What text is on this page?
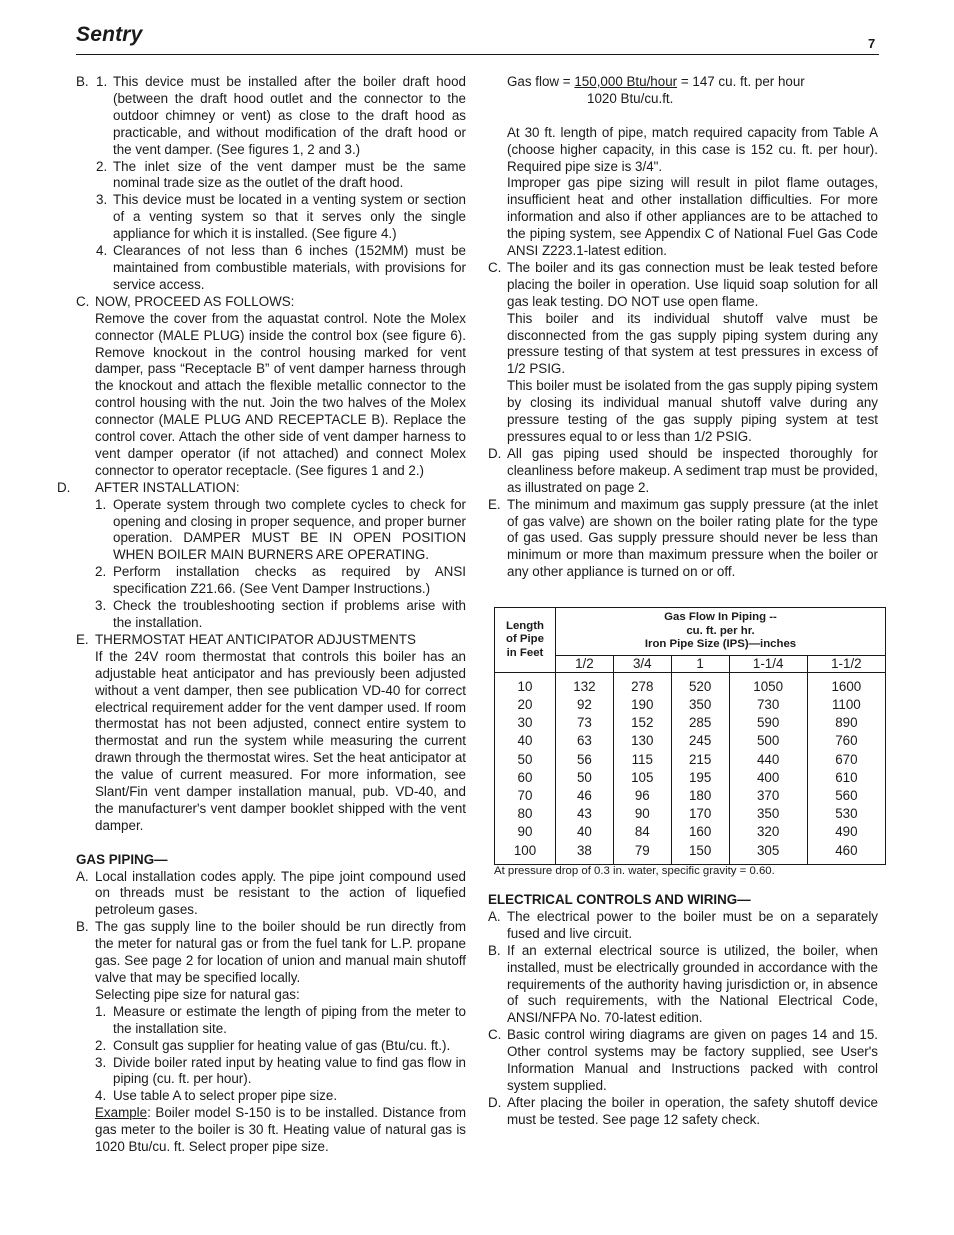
Sentry	7
B. 1. This device must be installed after the boiler draft hood (between the draft hood outlet and the connector to the outdoor chimney or vent) as close to the draft hood as practicable, and without modification of the draft hood or the vent damper. (See figures 1, 2 and 3.)

2. The inlet size of the vent damper must be the same nominal trade size as the outlet of the draft hood.

3. This device must be located in a venting system or section of a venting system so that it serves only the single appliance for which it is installed. (See figure 4.)

4. Clearances of not less than 6 inches (152MM) must be maintained from combustible materials, with provisions for service access.

C. NOW, PROCEED AS FOLLOWS:

Remove the cover from the aquastat control. Note the Molex connector (MALE PLUG) inside the control box (see figure 6). Remove knockout in the control housing marked for vent damper, pass “Receptacle B” of vent damper harness through the knockout and attach the flexible metallic connector to the control housing with the nut. Join the two halves of the Molex connector (MALE PLUG AND RECEPTACLE B). Replace the control cover. Attach the other side of vent damper harness to vent damper operator (if not attached) and connect Molex connector to operator receptacle. (See figures 1 and 2.)

D. AFTER INSTALLATION:

1. Operate system through two complete cycles to check for opening and closing in proper sequence, and proper burner operation. DAMPER MUST BE IN OPEN POSITION WHEN BOILER MAIN BURNERS ARE OPERATING.

2. Perform installation checks as required by ANSI specification Z21.66. (See Vent Damper Instructions.)

3. Check the troubleshooting section if problems arise with the installation.

E. THERMOSTAT HEAT ANTICIPATOR ADJUSTMENTS

If the 24V room thermostat that controls this boiler has an adjustable heat anticipator and has previously been adjusted without a vent damper, then see publication VD-40 for correct electrical requirement adder for the vent damper used. If room thermostat has not been adjusted, connect entire system to thermostat and run the system while measuring the current drawn through the thermostat wires. Set the heat anticipator at the value of current measured. For more information, see Slant/Fin vent damper installation manual, pub. VD-40, and the manufacturer's vent damper booklet shipped with the vent damper.

GAS PIPING—

A. Local installation codes apply. The pipe joint compound used on threads must be resistant to the action of liquefied petroleum gases.

B. The gas supply line to the boiler should be run directly from the meter for natural gas or from the fuel tank for L.P. propane gas. See page 2 for location of union and manual main shutoff valve that may be specified locally.

Selecting pipe size for natural gas:

1. Measure or estimate the length of piping from the meter to the installation site.

2. Consult gas supplier for heating value of gas (Btu/cu. ft.).

3. Divide boiler rated input by heating value to find gas flow in piping (cu. ft. per hour).

4. Use table A to select proper pipe size.

Example: Boiler model S-150 is to be installed. Distance from gas meter to the boiler is 30 ft. Heating value of natural gas is 1020 Btu/cu. ft. Select proper pipe size.

Gas flow = 150,000 Btu/hour = 147 cu. ft. per hour

1020 Btu/cu.ft.

At 30 ft. length of pipe, match required capacity from Table A (choose higher capacity, in this case is 152 cu. ft. per hour). Required pipe size is 3/4".

Improper gas pipe sizing will result in pilot flame outages, insufficient heat and other installation difficulties. For more information and also if other appliances are to be attached to the piping system, see Appendix C of National Fuel Gas Code ANSI Z223.1-latest edition.

C. The boiler and its gas connection must be leak tested before placing the boiler in operation. Use liquid soap solution for all gas leak testing. DO NOT use open flame.

This boiler and its individual shutoff valve must be disconnected from the gas supply piping system during any pressure testing of that system at test pressures in excess of 1/2 PSIG.

This boiler must be isolated from the gas supply piping system by closing its individual manual shutoff valve during any pressure testing of the gas supply piping system at test pressures equal to or less than 1/2 PSIG.

D. All gas piping used should be inspected thoroughly for cleanliness before makeup. A sediment trap must be provided, as illustrated on page 2.

E. The minimum and maximum gas supply pressure (at the inlet of gas valve) are shown on the boiler rating plate for the type of gas used. Gas supply pressure should never be less than minimum or more than maximum pressure when the boiler or any other appliance is turned on or off.

Length
of Pipe
in Feet	Gas Flow In Piping --
cu. ft. per hr.
Iron Pipe Size (IPS)—inches				
	1/2	3/4	1	1-1/4	1-1/2
10	132	278	520	1050	1600
20	92	190	350	730	1100
30	73	152	285	590	890
40	63	130	245	500	760
50	56	115	215	440	670
60	50	105	195	400	610
70	46	96	180	370	560
80	43	90	170	350	530
90	40	84	160	320	490
100	38	79	150	305	460
At pressure drop of 0.3 in. water, specific gravity = 0.60.

ELECTRICAL CONTROLS AND WIRING—

A. The electrical power to the boiler must be on a separately fused and live circuit.

B. If an external electrical source is utilized, the boiler, when installed, must be electrically grounded in accordance with the requirements of the authority having jurisdiction or, in absence of such requirements, with the National Electrical Code, ANSI/NFPA No. 70-latest edition.

C. Basic control wiring diagrams are given on pages 14 and 15. Other control systems may be factory supplied, see User's Information Manual and Instructions packed with control system supplied.

D. After placing the boiler in operation, the safety shutoff device must be tested. See page 12 safety check.
